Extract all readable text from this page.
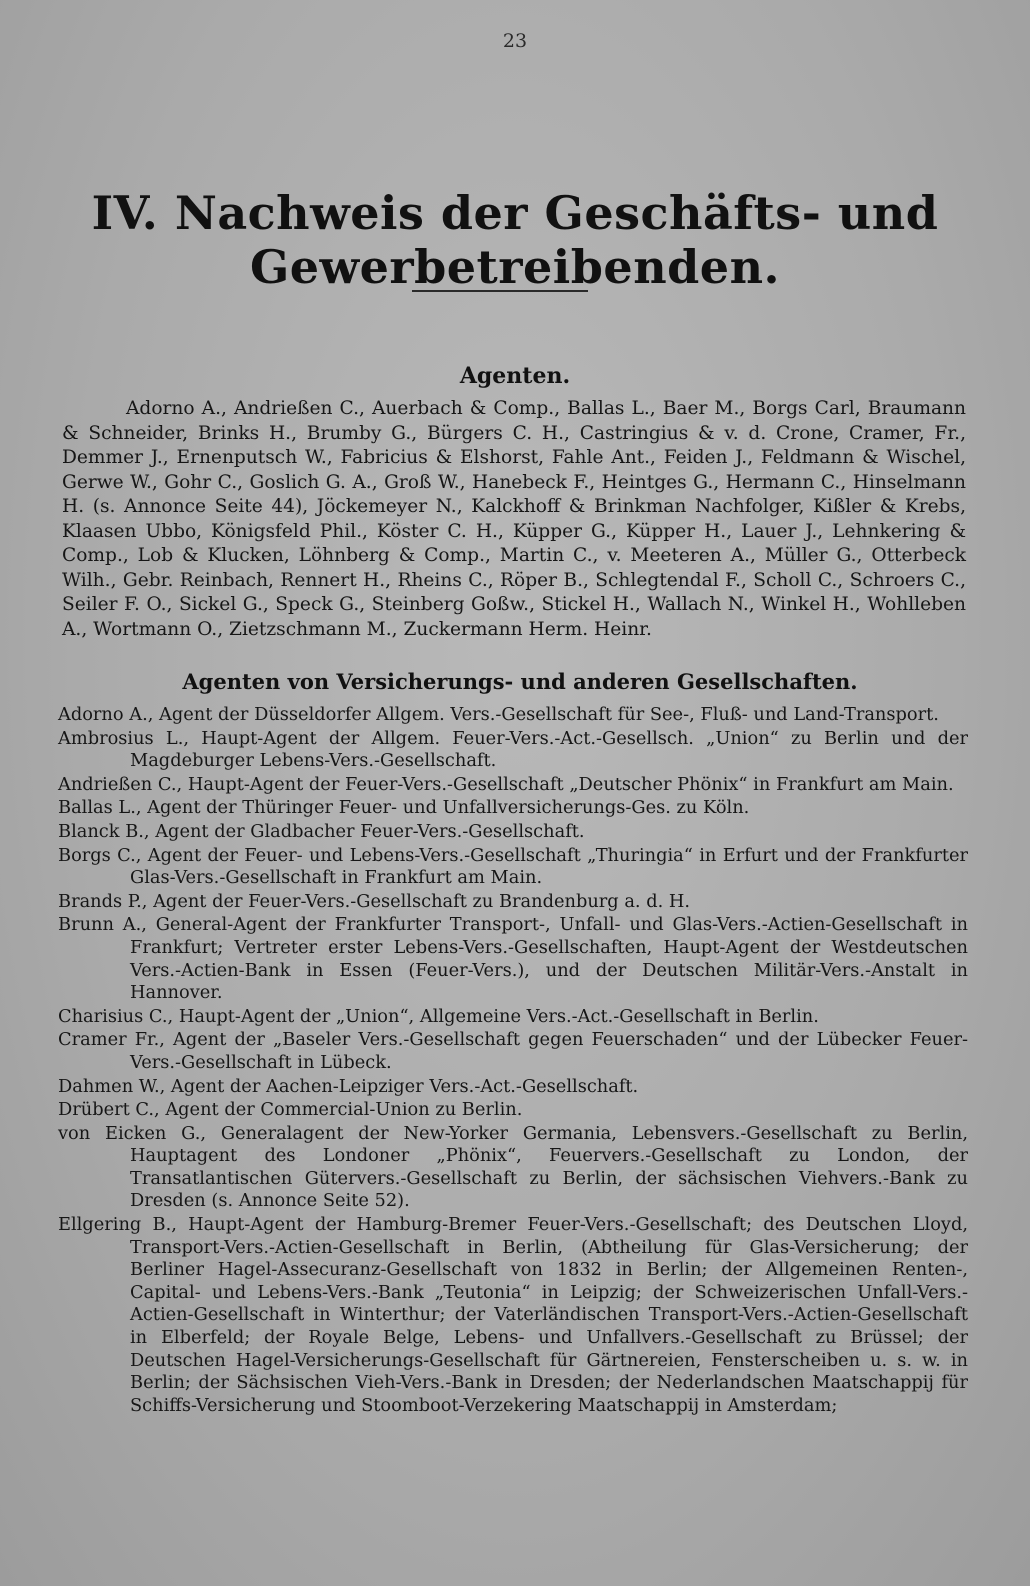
23
IV. Nachweis der Geschäfts- und Gewerbetreibenden.
Agenten.
Adorno A., Andrießen C., Auerbach & Comp., Ballas L., Baer M., Borgs Carl, Braumann & Schneider, Brinks H., Brumby G., Bürgers C. H., Castringius & v. d. Crone, Cramer, Fr., Demmer J., Ernenputsch W., Fabricius & Elshorst, Fahle Ant., Feiden J., Feldmann & Wischel, Gerwe W., Gohr C., Goslich G. A., Groß W., Hanebeck F., Heintges G., Hermann C., Hinselmann H. (s. Annonce Seite 44), Jöckemeyer N., Kalckhoff & Brinkman Nachfolger, Kißler & Krebs, Klaasen Ubbo, Königsfeld Phil., Köster C. H., Küpper G., Küpper H., Lauer J., Lehnkering & Comp., Lob & Klucken, Löhnberg & Comp., Martin C., v. Meeteren A., Müller G., Otterbeck Wilh., Gebr. Reinbach, Rennert H., Rheins C., Röper B., Schlegtendal F., Scholl C., Schroers C., Seiler F. O., Sickel G., Speck G., Steinberg Goßw., Stickel H., Wallach N., Winkel H., Wohlleben A., Wortmann O., Zietzschmann M., Zuckermann Herm. Heinr.
Agenten von Versicherungs- und anderen Gesellschaften.
Adorno A., Agent der Düsseldorfer Allgem. Vers.-Gesellschaft für See-, Fluß- und Land-Transport.
Ambrosius L., Haupt-Agent der Allgem. Feuer-Vers.-Act.-Gesellsch. „Union“ zu Berlin und der Magdeburger Lebens-Vers.-Gesellschaft.
Andrießen C., Haupt-Agent der Feuer-Vers.-Gesellschaft „Deutscher Phönix“ in Frankfurt am Main.
Ballas L., Agent der Thüringer Feuer- und Unfallversicherungs-Ges. zu Köln.
Blanck B., Agent der Gladbacher Feuer-Vers.-Gesellschaft.
Borgs C., Agent der Feuer- und Lebens-Vers.-Gesellschaft „Thuringia“ in Erfurt und der Frankfurter Glas-Vers.-Gesellschaft in Frankfurt am Main.
Brands P., Agent der Feuer-Vers.-Gesellschaft zu Brandenburg a. d. H.
Brunn A., General-Agent der Frankfurter Transport-, Unfall- und Glas-Vers.-Actien-Gesellschaft in Frankfurt; Vertreter erster Lebens-Vers.-Gesellschaften, Haupt-Agent der Westdeutschen Vers.-Actien-Bank in Essen (Feuer-Vers.), und der Deutschen Militär-Vers.-Anstalt in Hannover.
Charisius C., Haupt-Agent der „Union“, Allgemeine Vers.-Act.-Gesellschaft in Berlin.
Cramer Fr., Agent der „Baseler Vers.-Gesellschaft gegen Feuerschaden“ und der Lübecker Feuer-Vers.-Gesellschaft in Lübeck.
Dahmen W., Agent der Aachen-Leipziger Vers.-Act.-Gesellschaft.
Drübert C., Agent der Commercial-Union zu Berlin.
von Eicken G., Generalagent der New-Yorker Germania, Lebensvers.-Gesellschaft zu Berlin, Hauptagent des Londoner „Phönix“, Feuervers.-Gesellschaft zu London, der Transatlantischen Gütervers.-Gesellschaft zu Berlin, der sächsischen Viehvers.-Bank zu Dresden (s. Annonce Seite 52).
Ellgering B., Haupt-Agent der Hamburg-Bremer Feuer-Vers.-Gesellschaft; des Deutschen Lloyd, Transport-Vers.-Actien-Gesellschaft in Berlin, (Abtheilung für Glas-Versicherung; der Berliner Hagel-Assecuranz-Gesellschaft von 1832 in Berlin; der Allgemeinen Renten-, Capital- und Lebens-Vers.-Bank „Teutonia“ in Leipzig; der Schweizerischen Unfall-Vers.-Actien-Gesellschaft in Winterthur; der Vaterländischen Transport-Vers.-Actien-Gesellschaft in Elberfeld; der Royale Belge, Lebens- und Unfallvers.-Gesellschaft zu Brüssel; der Deutschen Hagel-Versicherungs-Gesellschaft für Gärtnereien, Fensterscheiben u. s. w. in Berlin; der Sächsischen Vieh-Vers.-Bank in Dresden; der Nederlandschen Maatschappij für Schiffs-Versicherung und Stoomboot-Verzekering Maatschappij in Amsterdam;
